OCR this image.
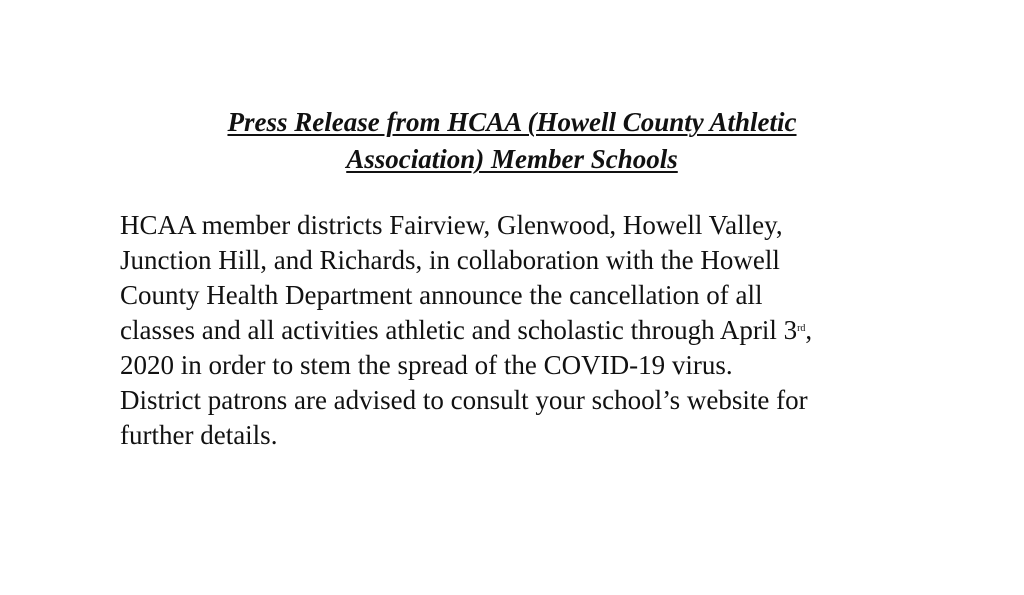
Press Release from HCAA (Howell County Athletic
Association) Member Schools
HCAA member districts Fairview, Glenwood, Howell Valley,
Junction Hill, and Richards, in collaboration with the Howell
County Health Department announce the cancellation of all
classes and all activities athletic and scholastic through April 3rd,
2020 in order to stem the spread of the COVID-19 virus.
District patrons are advised to consult your school’s website for
further details.
